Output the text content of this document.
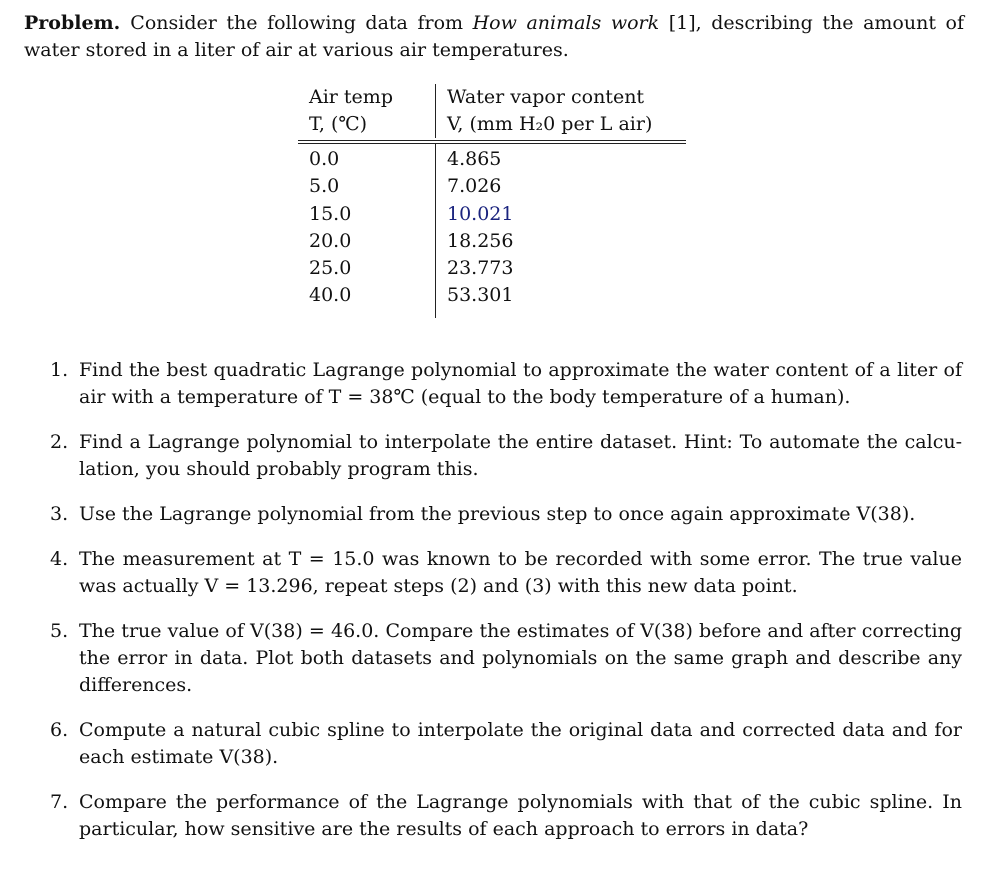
Problem. Consider the following data from How animals work [1], describing the amount of water stored in a liter of air at various air temperatures.

Air temp
T, (℃)
Water vapor content
V, (mm H₂0 per L air)
0.0
5.0
15.0
20.0
25.0
40.0
4.865
7.026
10.021
18.256
23.773
53.301
1. Find the best quadratic Lagrange polynomial to approximate the water content of a liter of air with a temperature of T = 38℃ (equal to the body temperature of a human).
2. Find a Lagrange polynomial to interpolate the entire dataset. Hint: To automate the calcu- lation, you should probably program this.
3. Use the Lagrange polynomial from the previous step to once again approximate V(38).
4. The measurement at T = 15.0 was known to be recorded with some error. The true value was actually V = 13.296, repeat steps (2) and (3) with this new data point.
5. The true value of V(38) = 46.0. Compare the estimates of V(38) before and after correcting the error in data. Plot both datasets and polynomials on the same graph and describe any differences.
6. Compute a natural cubic spline to interpolate the original data and corrected data and for each estimate V(38).
7. Compare the performance of the Lagrange polynomials with that of the cubic spline. In particular, how sensitive are the results of each approach to errors in data?
